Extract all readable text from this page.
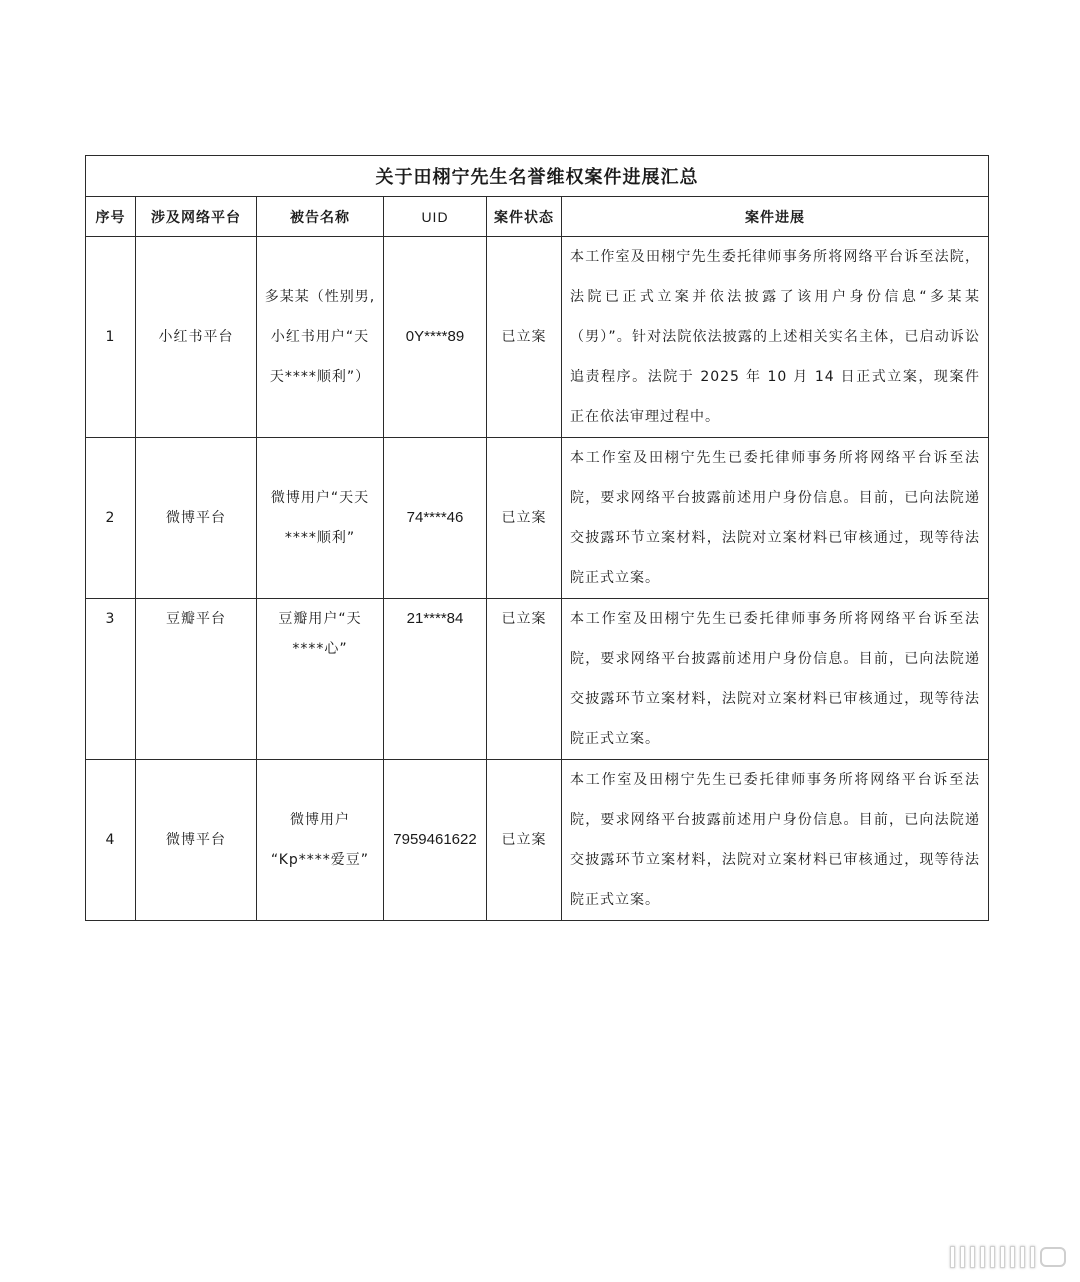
关于田栩宁先生名誉维权案件进展汇总					
序号	涉及网络平台	被告名称	UID	案件状态	案件进展
1	小红书平台	多某某（性别男,
小红书用户“天
天****顺利”）	0Y****89	已立案	本工作室及田栩宁先生委托律师事务所将网络平台诉至法院，法院已正式立案并依法披露了该用户身份信息“多某某（男）”。针对法院依法披露的上述相关实名主体，已启动诉讼追责程序。法院于 2025 年 10 月 14 日正式立案，现案件正在依法审理过程中。
2	微博平台	微博用户“天天
****顺利”	74****46	已立案	本工作室及田栩宁先生已委托律师事务所将网络平台诉至法院，要求网络平台披露前述用户身份信息。目前，已向法院递交披露环节立案材料，法院对立案材料已审核通过，现等待法院正式立案。
3	豆瓣平台	豆瓣用户“天
****心”	21****84	已立案	本工作室及田栩宁先生已委托律师事务所将网络平台诉至法院，要求网络平台披露前述用户身份信息。目前，已向法院递交披露环节立案材料，法院对立案材料已审核通过，现等待法院正式立案。
4	微博平台	微博用户
“Kp****爱豆”	7959461622	已立案	本工作室及田栩宁先生已委托律师事务所将网络平台诉至法院，要求网络平台披露前述用户身份信息。目前，已向法院递交披露环节立案材料，法院对立案材料已审核通过，现等待法院正式立案。
